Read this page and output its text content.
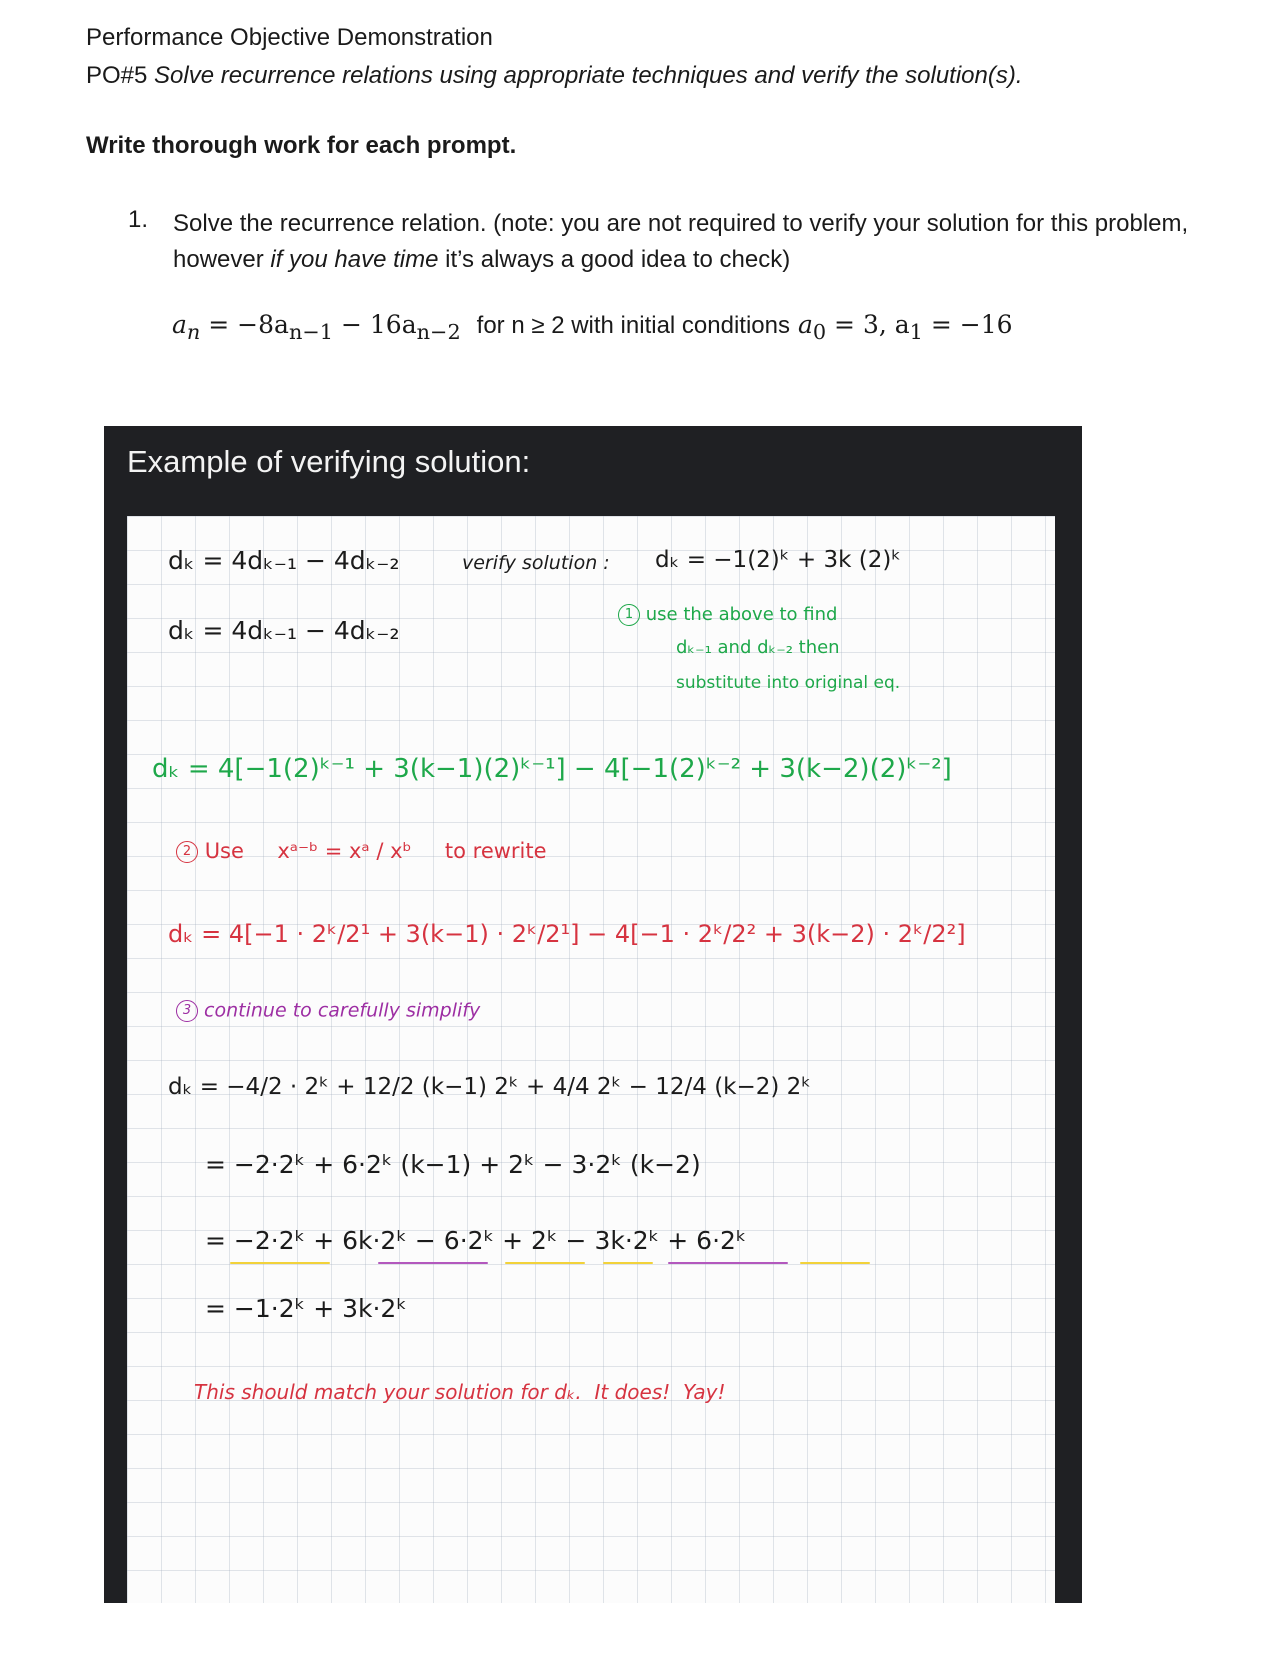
Performance Objective Demonstration
PO#5 Solve recurrence relations using appropriate techniques and verify the solution(s).
Write thorough work for each prompt.
1. Solve the recurrence relation. (note: you are not required to verify your solution for this problem, however if you have time it’s always a good idea to check)
$a_n = -8a_{n-1} - 16a_{n-2}$ for n ≥ 2 with initial conditions $a_0 = 3$, $a_1 = -16$
Example of verifying solution:
dₖ = 4dₖ₋₁ − 4dₖ₋₂
dₖ = 4dₖ₋₁ − 4dₖ₋₂
verify solution : dₖ = −1(2)ᵏ + 3k (2)ᵏ
1 use the above to find
dₖ₋₁ and dₖ₋₂ then
substitute into original eq.
dₖ = 4[−1(2)ᵏ⁻¹ + 3(k−1)(2)ᵏ⁻¹] − 4[−1(2)ᵏ⁻² + 3(k−2)(2)ᵏ⁻²]
2 Use xᵃ⁻ᵇ = xᵃ / xᵇ to rewrite
dₖ = 4[−1 · 2ᵏ/2¹ + 3(k−1) · 2ᵏ/2¹] − 4[−1 · 2ᵏ/2² + 3(k−2) · 2ᵏ/2²]
3 continue to carefully simplify
dₖ = −4/2 · 2ᵏ + 12/2 (k−1) 2ᵏ + 4/4 2ᵏ − 12/4 (k−2) 2ᵏ
= −2·2ᵏ + 6·2ᵏ (k−1) + 2ᵏ − 3·2ᵏ (k−2)
= −2·2ᵏ + 6k·2ᵏ − 6·2ᵏ + 2ᵏ − 3k·2ᵏ + 6·2ᵏ
= −1·2ᵏ + 3k·2ᵏ
This should match your solution for dₖ. It does! Yay!
